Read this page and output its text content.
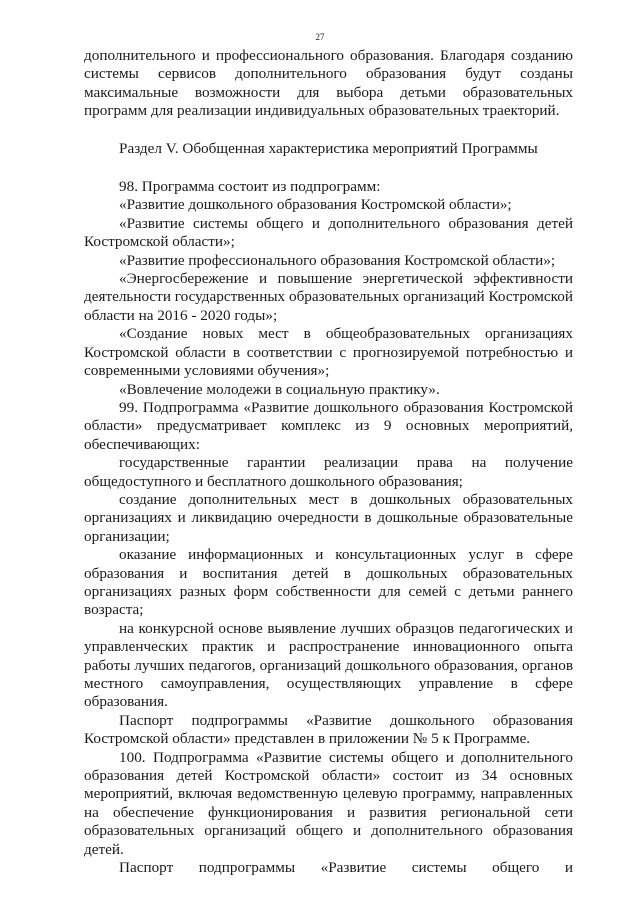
27

дополнительного и профессионального образования. Благодаря созданию системы сервисов дополнительного образования будут созданы максимальные возможности для выбора детьми образовательных программ для реализации индивидуальных образовательных траекторий.

Раздел V. Обобщенная характеристика мероприятий Программы

98. Программа состоит из подпрограмм:

«Развитие дошкольного образования Костромской области»;

«Развитие системы общего и дополнительного образования детей Костромской области»;

«Развитие профессионального образования Костромской области»;

«Энергосбережение и повышение энергетической эффективности деятельности государственных образовательных организаций Костромской области на 2016 - 2020 годы»;

«Создание новых мест в общеобразовательных организациях Костромской области в соответствии с прогнозируемой потребностью и современными условиями обучения»;

«Вовлечение молодежи в социальную практику».

99. Подпрограмма «Развитие дошкольного образования Костромской области» предусматривает комплекс из 9 основных мероприятий, обеспечивающих:

государственные гарантии реализации права на получение общедоступного и бесплатного дошкольного образования;

создание дополнительных мест в дошкольных образовательных организациях и ликвидацию очередности в дошкольные образовательные организации;

оказание информационных и консультационных услуг в сфере образования и воспитания детей в дошкольных образовательных организациях разных форм собственности для семей с детьми раннего возраста;

на конкурсной основе выявление лучших образцов педагогических и управленческих практик и распространение инновационного опыта работы лучших педагогов, организаций дошкольного образования, органов местного самоуправления, осуществляющих управление в сфере образования.

Паспорт подпрограммы «Развитие дошкольного образования Костромской области» представлен в приложении № 5 к Программе.

100. Подпрограмма «Развитие системы общего и дополнительного образования детей Костромской области» состоит из 34 основных мероприятий, включая ведомственную целевую программу, направленных на обеспечение функционирования и развития региональной сети образовательных организаций общего и дополнительного образования детей.

Паспорт подпрограммы «Развитие системы общего и
